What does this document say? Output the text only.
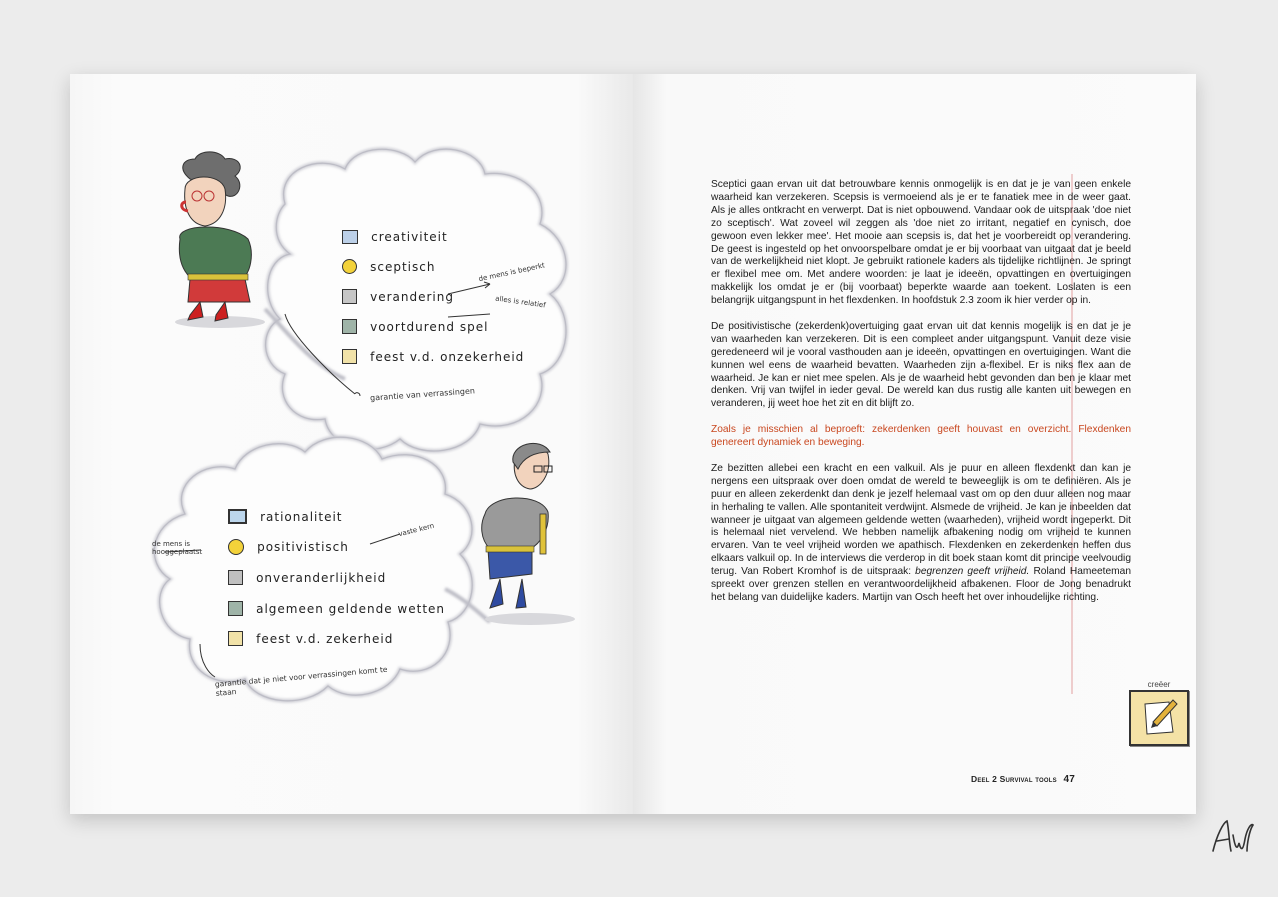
creativiteit
sceptisch	de mens is beperkt
verandering	alles is relatief
voortdurend spel
feest v.d. onzekerheid
garantie van verrassingen
rationaliteit
positivistisch
de mens is hooggeplaatst
onveranderlijkheid
vaste kern
algemeen geldende wetten
feest v.d. zekerheid
garantie dat je niet voor verrassingen komt te staan

Sceptici gaan ervan uit dat betrouwbare kennis onmogelijk is en dat je je van geen enkele waarheid kan verzekeren. Scepsis is vermoeiend als je er te fanatiek mee in de weer gaat. Als je alles ontkracht en verwerpt. Dat is niet opbouwend. Vandaar ook de uitspraak 'doe niet zo sceptisch'. Wat zoveel wil zeggen als 'doe niet zo irritant, negatief en cynisch, doe gewoon even lekker mee'. Het mooie aan scepsis is, dat het je voorbereidt op verandering. De geest is ingesteld op het onvoorspelbare omdat je er bij voorbaat van uitgaat dat je beeld van de werkelijkheid niet klopt. Je gebruikt rationele kaders als tijdelijke richtlijnen. Je springt er flexibel mee om. Met andere woorden: je laat je ideeën, opvattingen en overtuigingen makkelijk los omdat je er (bij voorbaat) beperkte waarde aan toekent. Loslaten is een belangrijk uitgangspunt in het flexdenken. In hoofdstuk 2.3 zoom ik hier verder op in.

De positivistische (zekerdenk)overtuiging gaat ervan uit dat kennis mogelijk is en dat je je van waarheden kan verzekeren. Dit is een compleet ander uitgangspunt. Vanuit deze visie geredeneerd wil je vooral vasthouden aan je ideeën, opvattingen en overtuigingen. Want die kunnen wel eens de waarheid bevatten. Waarheden zijn a-flexibel. Er is niks flex aan de waarheid. Je kan er niet mee spelen. Als je de waarheid hebt gevonden dan ben je klaar met denken. Vrij van twijfel in ieder geval. De wereld kan dus rustig alle kanten uit bewegen en veranderen, jij weet hoe het zit en dit blijft zo.

Zoals je misschien al beproeft: zekerdenken geeft houvast en overzicht. Flexdenken genereert dynamiek en beweging.

Ze bezitten allebei een kracht en een valkuil. Als je puur en alleen flexdenkt dan kan je nergens een uitspraak over doen omdat de wereld te beweeglijk is om te definiëren. Als je puur en alleen zekerdenkt dan denk je jezelf helemaal vast om op den duur alleen nog maar in herhaling te vallen. Alle spontaniteit verdwijnt. Alsmede de vrijheid. Je kan je inbeelden dat wanneer je uitgaat van algemeen geldende wetten (waarheden), vrijheid wordt ingeperkt. Dit is helemaal niet vervelend. We hebben namelijk afbakening nodig om vrijheid te kunnen ervaren. Van te veel vrijheid worden we apathisch. Flexdenken en zekerdenken heffen dus elkaars valkuil op. In de interviews die verderop in dit boek staan komt dit principe veelvoudig terug. Van Robert Kromhof is de uitspraak: begrenzen geeft vrijheid. Roland Hameeteman spreekt over grenzen stellen en verantwoordelijkheid afbakenen. Floor de Jong benadrukt het belang van duidelijke kaders. Martijn van Osch heeft het over inhoudelijke richting.

creëer
Deel 2 Survival tools 47
